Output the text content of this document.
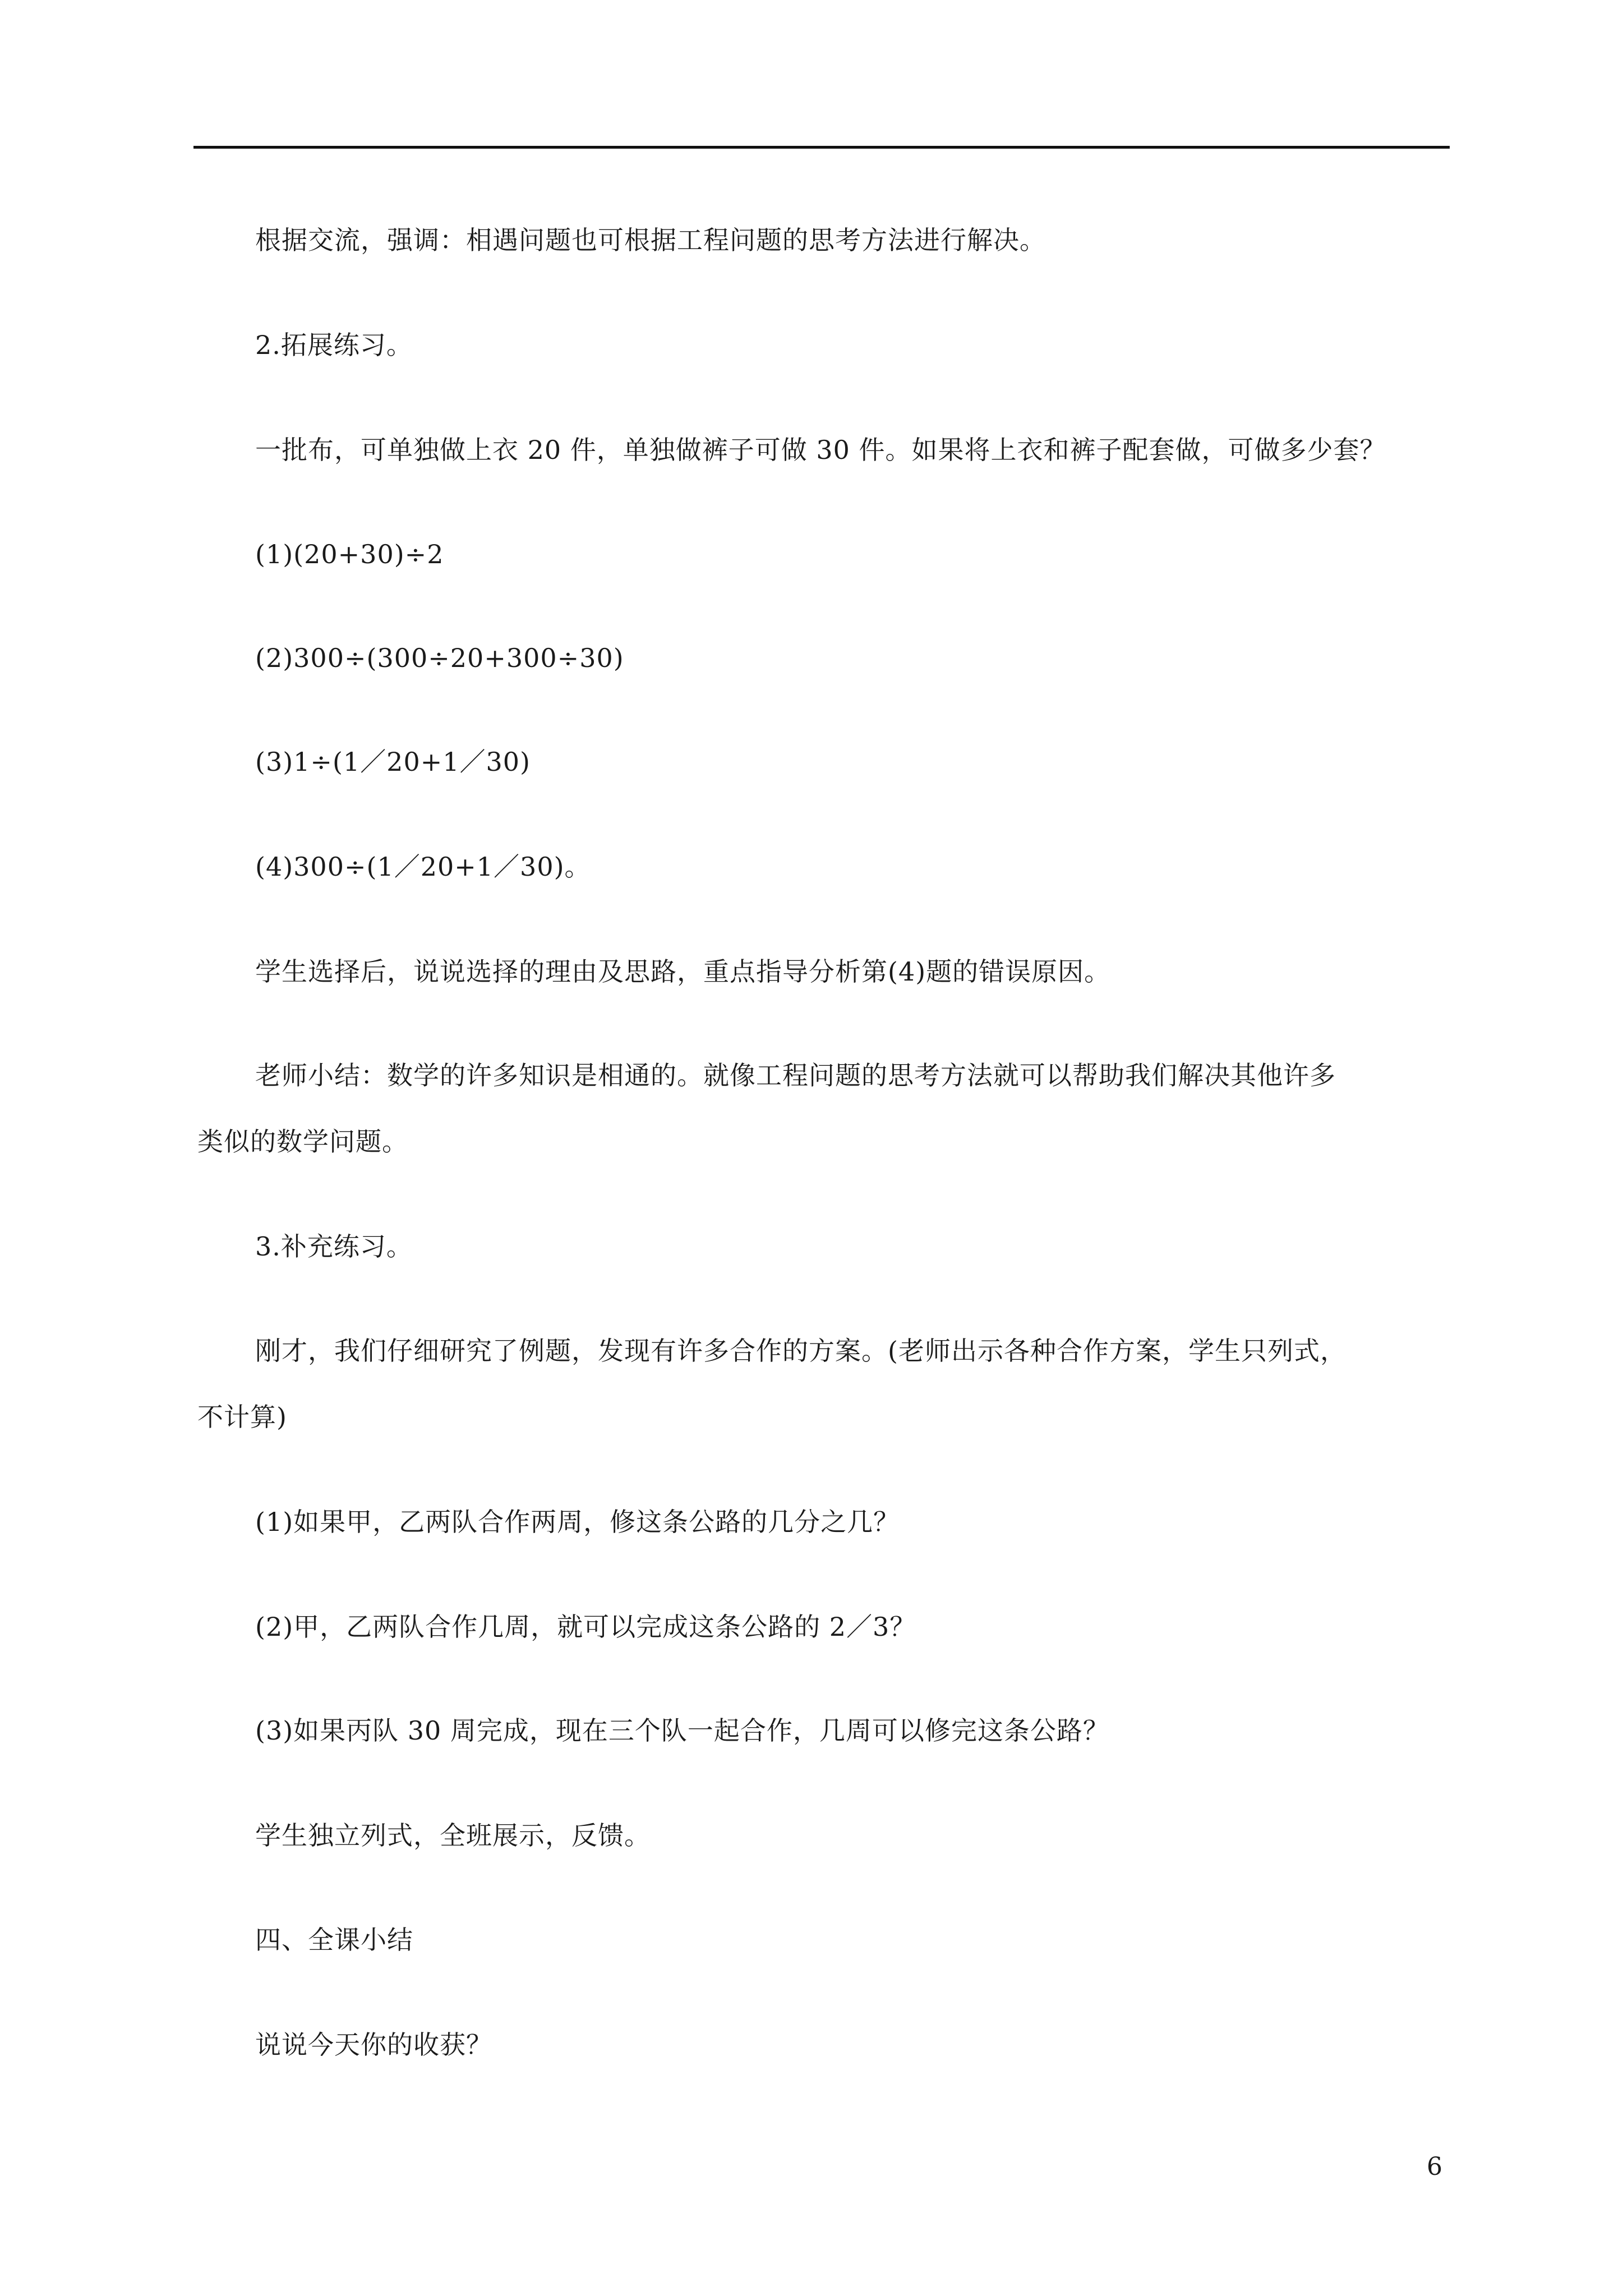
根据交流，强调：相遇问题也可根据工程问题的思考方法进行解决。

2.拓展练习。

一批布，可单独做上衣 20 件，单独做裤子可做 30 件。如果将上衣和裤子配套做，可做多少套？

(1)(20+30)÷2

(2)300÷(300÷20+300÷30)

(3)1÷(1／20+1／30)

(4)300÷(1／20+1／30)。

学生选择后，说说选择的理由及思路，重点指导分析第(4)题的错误原因。

老师小结：数学的许多知识是相通的。就像工程问题的思考方法就可以帮助我们解决其他许多

类似的数学问题。

3.补充练习。

刚才，我们仔细研究了例题，发现有许多合作的方案。(老师出示各种合作方案，学生只列式，

不计算)

(1)如果甲，乙两队合作两周，修这条公路的几分之几？

(2)甲，乙两队合作几周，就可以完成这条公路的 2／3？

(3)如果丙队 30 周完成，现在三个队一起合作，几周可以修完这条公路？

学生独立列式，全班展示，反馈。

四、全课小结

说说今天你的收获？

6
